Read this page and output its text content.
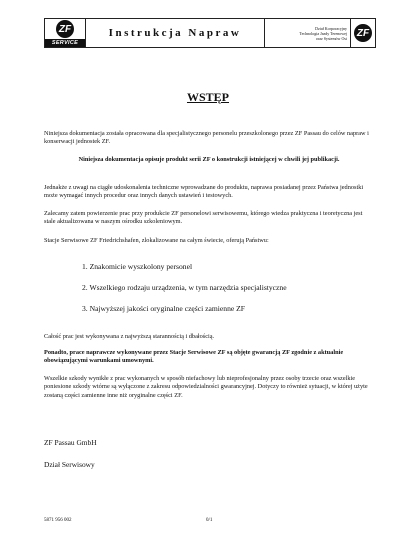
ZF
SERVICE
Instrukcja Napraw	Dział Korporacyjny
Technologia Jazdy Terenowej
oraz Systemów Osi ZF
WSTĘP
Niniejsza dokumentacja została opracowana dla specjalistycznego personelu przeszkolonego przez ZF Passau do celów napraw i konserwacji jednostek ZF.
Niniejsza dokumentacja opisuje produkt serii ZF o konstrukcji istniejącej w chwili jej publikacji.
Jednakże z uwagi na ciągłe udoskonalenia techniczne wprowadzane do produktu, naprawa posiadanej przez Państwa jednostki może wymagać innych procedur oraz innych danych ustawień i testowych.
Zalecamy zatem powierzenie prac przy produkcie ZF personelowi serwisowemu, którego wiedza praktyczna i teoretyczna jest stale aktualizowana w naszym ośrodku szkoleniowym.
Stacje Serwisowe ZF Friedrichshafen, zlokalizowane na całym świecie, oferują Państwu:
1. Znakomicie wyszkolony personel
2. Wszelkiego rodzaju urządzenia, w tym narzędzia specjalistyczne
3. Najwyższej jakości oryginalne części zamienne ZF
Całość prac jest wykonywana z najwyższą starannością i dbałością.
Ponadto, prace naprawcze wykonywane przez Stacje Serwisowe ZF są objęte gwarancją ZF zgodnie z aktualnie obowiązującymi warunkami umownymi.
Wszelkie szkody wynikłe z prac wykonanych w sposób niefachowy lub nieprofesjonalny przez osoby trzecie oraz wszelkie poniesione szkody wtórne są wyłączone z zakresu odpowiedzialności gwarancyjnej. Dotyczy to również sytuacji, w której użyte zostaną części zamienne inne niż oryginalne części ZF.
ZF Passau GmbH
Dział Serwisowy
5871 956 002	0/1
